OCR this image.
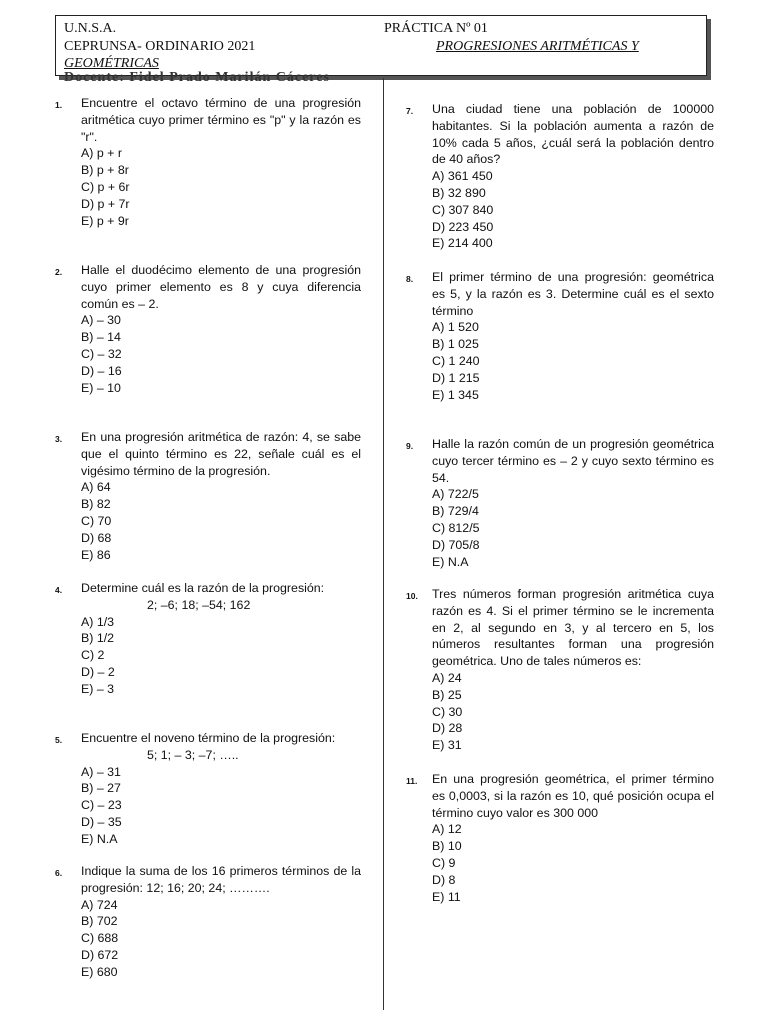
U.N.S.A.	PRÁCTICA Nº 01
CEPRUNSA- ORDINARIO 2021	PROGRESIONES ARITMÉTICAS Y
GEOMÉTRICAS
Docente: Fidel Prado Marilán Cáceres
1.	Encuentre el octavo término de una progresión aritmética cuyo primer término es "p" y la razón es "r".
A) p + r
B) p + 8r
C) p + 6r
D) p + 7r
E) p + 9r
2.	Halle el duodécimo elemento de una progresión cuyo primer elemento es 8 y cuya diferencia común es – 2.
A) – 30
B) – 14
C) – 32
D) – 16
E) – 10
3.	En una progresión aritmética de razón: 4, se sabe que el quinto término es 22, señale cuál es el vigésimo término de la progresión.
A) 64
B) 82
C) 70
D) 68
E) 86
4.	Determine cuál es la razón de la progresión:
2; –6; 18; –54; 162
A) 1/3
B) 1/2
C) 2
D) – 2
E) – 3
5.	Encuentre el noveno término de la progresión:
5; 1; – 3; –7; …..
A) – 31
B) – 27
C) – 23
D) – 35
E) N.A
6.	Indique la suma de los 16 primeros términos de la progresión: 12; 16; 20; 24; ……….
A) 724
B) 702
C) 688
D) 672
E) 680
7.	Una ciudad tiene una población de 100000 habitantes. Si la población aumenta a razón de 10% cada 5 años, ¿cuál será la población dentro de 40 años?
A) 361 450
B) 32 890
C) 307 840
D) 223 450
E) 214 400
8.	El primer término de una progresión: geométrica es 5, y la razón es 3. Determine cuál es el sexto término
A) 1 520
B) 1 025
C) 1 240
D) 1 215
E) 1 345
9.	Halle la razón común de un progresión geométrica cuyo tercer término es – 2 y cuyo sexto término es 54.
A) 722/5
B) 729/4
C) 812/5
D) 705/8
E) N.A
10.	Tres números forman progresión aritmética cuya razón es 4. Si el primer término se le incrementa en 2, al segundo en 3, y al tercero en 5, los números resultantes forman una progresión geométrica. Uno de tales números es:
A) 24
B) 25
C) 30
D) 28
E) 31
11.	En una progresión geométrica, el primer término es 0,0003, si la razón es 10, qué posición ocupa el término cuyo valor es 300 000
A) 12
B) 10
C) 9
D) 8
E) 11
